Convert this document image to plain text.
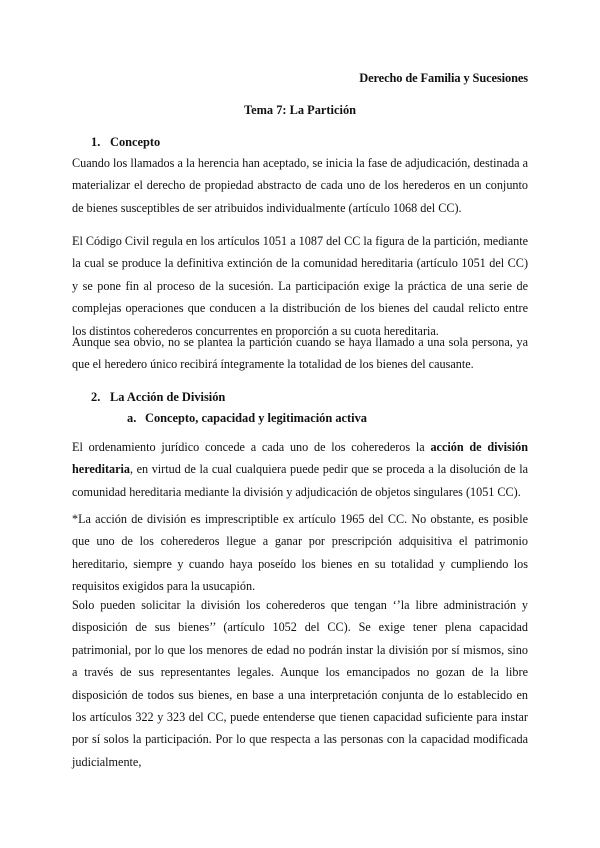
Derecho de Familia y Sucesiones
Tema 7: La Partición
1. Concepto

Cuando los llamados a la herencia han aceptado, se inicia la fase de adjudicación, destinada a materializar el derecho de propiedad abstracto de cada uno de los herederos en un conjunto de bienes susceptibles de ser atribuidos individualmente (artículo 1068 del CC).

El Código Civil regula en los artículos 1051 a 1087 del CC la figura de la partición, mediante la cual se produce la definitiva extinción de la comunidad hereditaria (artículo 1051 del CC) y se pone fin al proceso de la sucesión. La participación exige la práctica de una serie de complejas operaciones que conducen a la distribución de los bienes del caudal relicto entre los distintos coherederos concurrentes en proporción a su cuota hereditaria.

Aunque sea obvio, no se plantea la partición cuando se haya llamado a una sola persona, ya que el heredero único recibirá íntegramente la totalidad de los bienes del causante.

2. La Acción de División
a. Concepto, capacidad y legitimación activa

El ordenamiento jurídico concede a cada uno de los coherederos la acción de división hereditaria, en virtud de la cual cualquiera puede pedir que se proceda a la disolución de la comunidad hereditaria mediante la división y adjudicación de objetos singulares (1051 CC).

*La acción de división es imprescriptible ex artículo 1965 del CC. No obstante, es posible que uno de los coherederos llegue a ganar por prescripción adquisitiva el patrimonio hereditario, siempre y cuando haya poseído los bienes en su totalidad y cumpliendo los requisitos exigidos para la usucapión.

Solo pueden solicitar la división los coherederos que tengan ‘’la libre administración y disposición de sus bienes’’ (artículo 1052 del CC). Se exige tener plena capacidad patrimonial, por lo que los menores de edad no podrán instar la división por sí mismos, sino a través de sus representantes legales. Aunque los emancipados no gozan de la libre disposición de todos sus bienes, en base a una interpretación conjunta de lo establecido en los artículos 322 y 323 del CC, puede entenderse que tienen capacidad suficiente para instar por sí solos la participación. Por lo que respecta a las personas con la capacidad modificada judicialmente,
